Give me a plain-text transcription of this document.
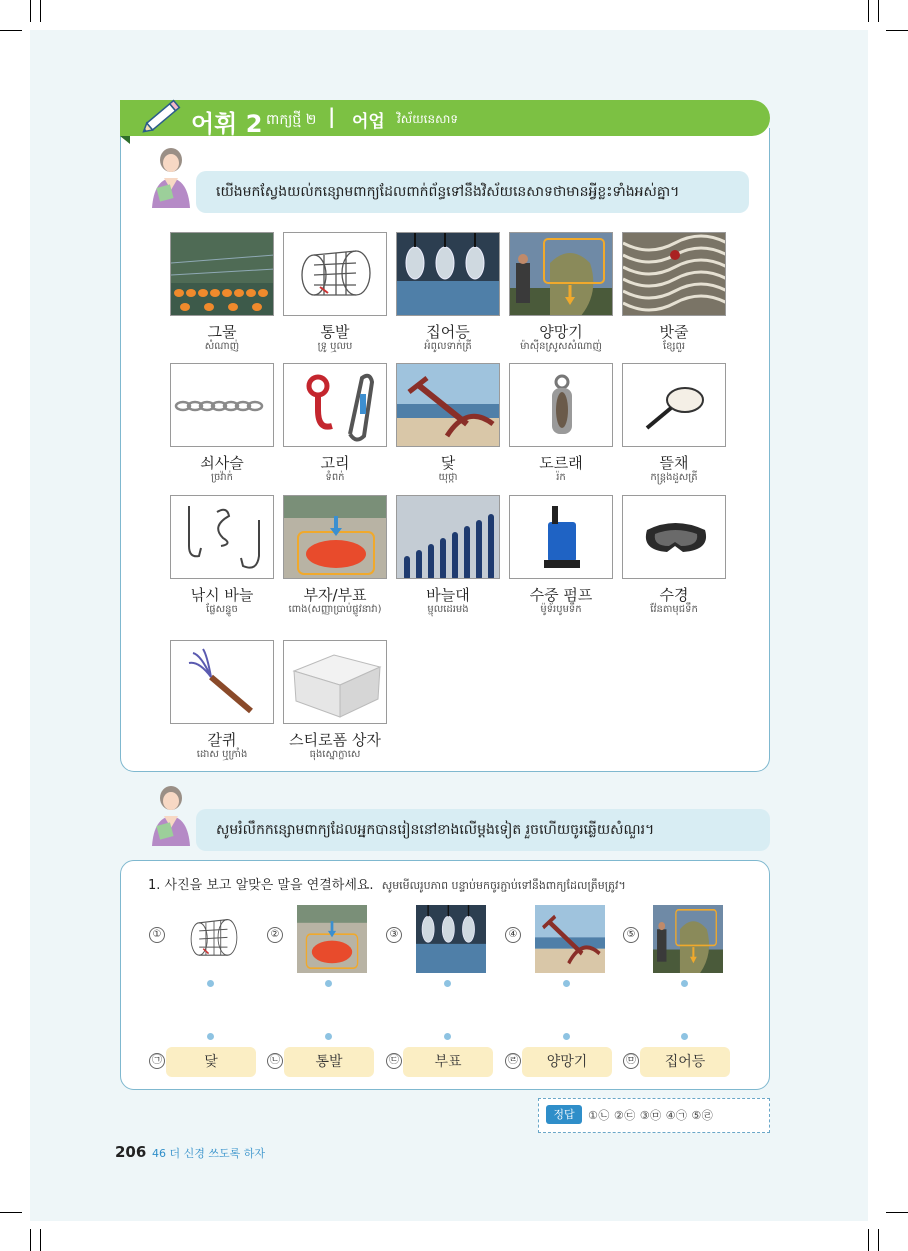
어휘 2 ពាក្យថ្មី ២ | 어업 វិស័យនេសាទ
យើងមកស្វែងយល់កន្សោមពាក្យដែលពាក់ព័ន្ធទៅនឹងវិស័យនេសាទថាមានអ្វីខ្លះទាំងអស់គ្នា។
그물
សំណាញ់
통발
ទ្រូ ឬលប
집어등
អំពូលទាក់ត្រី
양망기
ម៉ាស៊ីនស្រូសសំណាញ់
밧줄
ខ្សែពួរ
쇠사슬
ច្រវ៉ាក់
고리
ទំពក់
닻
យុថ្កា
도르래
រ៉ក
뜰채
កន្ត្រងដួសត្រី
낚시 바늘
ផ្លែសន្ទូច
부자/부표
ពោង(សញ្ញាប្រាប់ផ្លូវនាវា)
바늘대
ម្ជុលដេរមង
수중 펌프
ម៉ូទ័របូមទឹក
수경
វ៉ែនតាមុជទឹក
갈퀴
ដោស ឬក្រាំង
스티로폼 상자
ធុងស្នោក្លាសេ
សូមរំលឹកកន្សោមពាក្យដែលអ្នកបានរៀននៅខាងលើម្តងទៀត រួចហើយចូរឆ្លើយសំណួរ។
1. 사진을 보고 알맞은 말을 연결하세요. សូមមើលរូបភាព បន្ទាប់មកចូរភ្ជាប់ទៅនឹងពាក្យដែលត្រឹមត្រូវ។
①	②	③	④	⑤
㉠	닻	㉡	통발	㉢	부표	㉣	양망기	㉤	집어등
정답	①㉡ ②㉢ ③㉤ ④㉠ ⑤㉣
206 46 더 신경 쓰도록 하자
